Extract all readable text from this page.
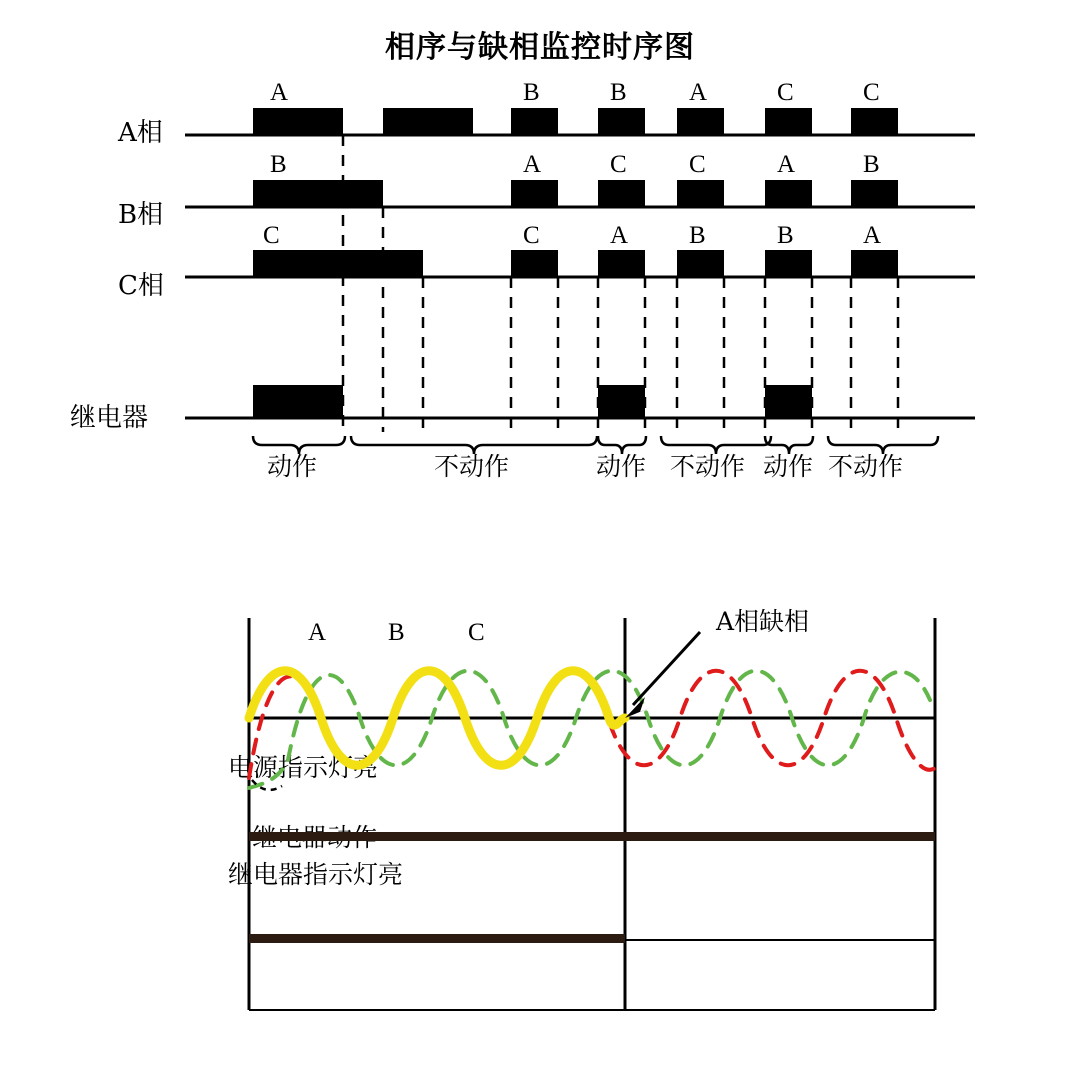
相序与缺相监控时序图
A相
B相
C相
继电器
电源指示灯亮
继电器指示灯亮
A	B	B A	C	C
B	A	C C	A	B
C	C	A B	B	A
动作	不动作	动作 不动作 动作 不动作
A B	C	A相缺相
